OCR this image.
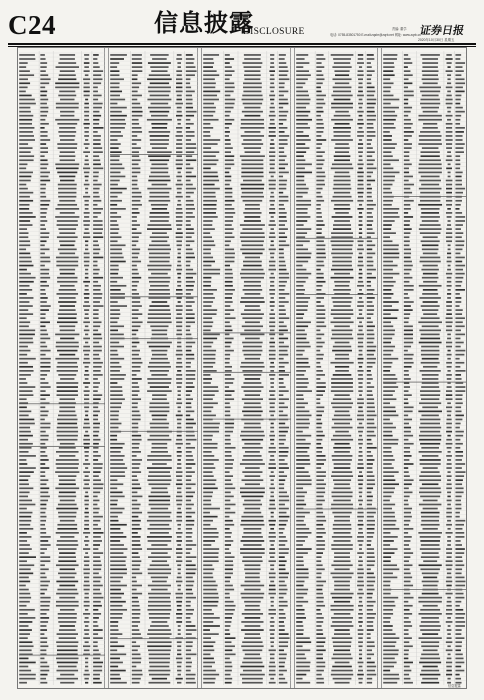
C24	信息披露
DISCLOSURE	责编: 董学
电话: 0755-83501750 E-mail:zqsbr@zqrb.net 网址: www.zqrb.cn
证券日报
2020年10月30日 星期五
信息披露
